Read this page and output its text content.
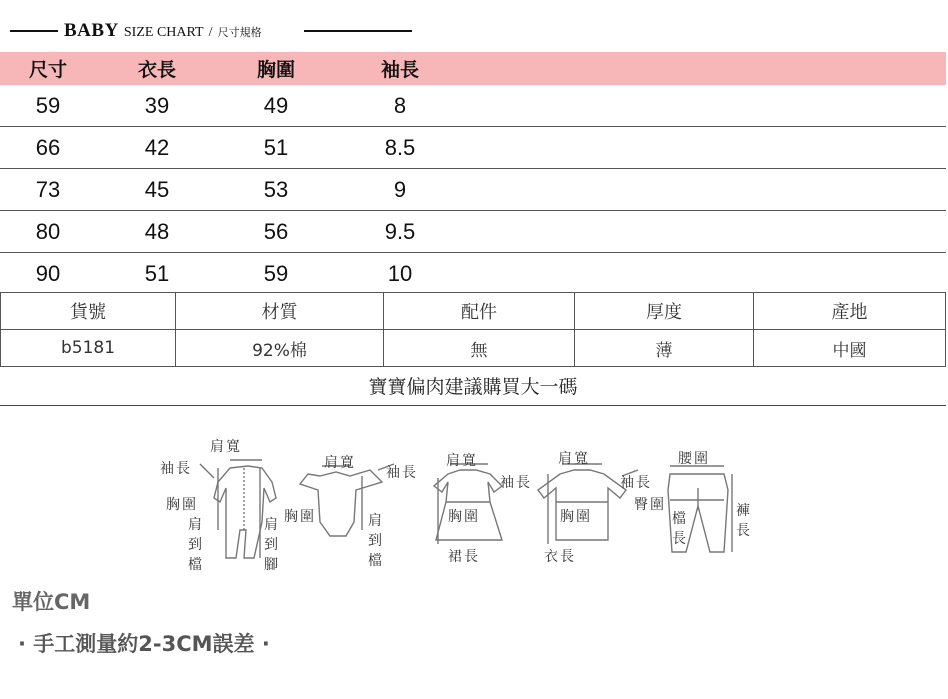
BABY SIZE CHART / 尺寸規格
尺寸	衣長	胸圍	袖長
59	39	49	8
66	42	51	8.5
73	45	53	9
80	48	56	9.5
90	51	59	10
貨號	材質	配件	厚度	產地
b5181	92%棉	無	薄	中國
寶寶偏肉建議購買大一碼
袖長
肩寬
胸圍
肩
到
檔
肩
到
腳
肩寬
袖長
胸圍	肩
到
檔
肩寬
胸圍
裙長
袖長
肩寬
胸圍
衣長
袖長
腰圍
臀圍
檔
長
褲
長
單位CM
· 手工測量約2-3CM誤差 ·
